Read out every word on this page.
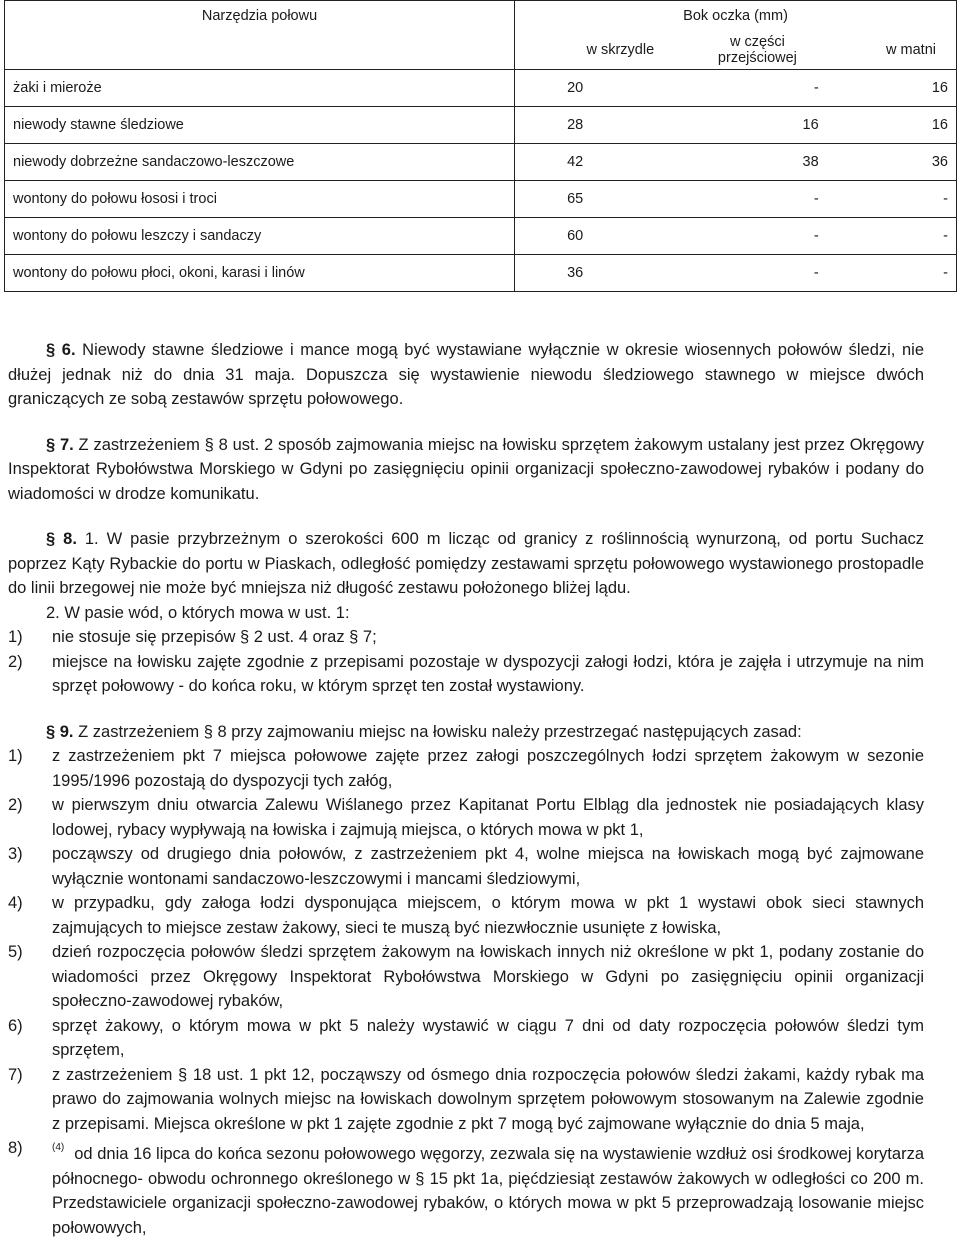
Narzędzia połowu	Bok oczka (mm)		
	w skrzydle	w części przejściowej	w matni
żaki i mieroże	20	-	16
niewody stawne śledziowe	28	16	16
niewody dobrzeżne sandaczowo-leszczowe	42	38	36
wontony do połowu łososi i troci	65	-	-
wontony do połowu leszczy i sandaczy	60	-	-
wontony do połowu płoci, okoni, karasi i linów	36	-	-

§ 6. Niewody stawne śledziowe i mance mogą być wystawiane wyłącznie w okresie wiosennych połowów śledzi, nie dłużej jednak niż do dnia 31 maja. Dopuszcza się wystawienie niewodu śledziowego stawnego w miejsce dwóch graniczących ze sobą zestawów sprzętu połowowego.

§ 7. Z zastrzeżeniem § 8 ust. 2 sposób zajmowania miejsc na łowisku sprzętem żakowym ustalany jest przez Okręgowy Inspektorat Rybołówstwa Morskiego w Gdyni po zasięgnięciu opinii organizacji społeczno-zawodowej rybaków i podany do wiadomości w drodze komunikatu.

§ 8. 1. W pasie przybrzeżnym o szerokości 600 m licząc od granicy z roślinnością wynurzoną, od portu Suchacz poprzez Kąty Rybackie do portu w Piaskach, odległość pomiędzy zestawami sprzętu połowowego wystawionego prostopadle do linii brzegowej nie może być mniejsza niż długość zestawu położonego bliżej lądu.

2. W pasie wód, o których mowa w ust. 1:

1)	nie stosuje się przepisów § 2 ust. 4 oraz § 7;
2)	miejsce na łowisku zajęte zgodnie z przepisami pozostaje w dyspozycji załogi łodzi, która je zajęła i utrzymuje na nim sprzęt połowowy - do końca roku, w którym sprzęt ten został wystawiony.

§ 9. Z zastrzeżeniem § 8 przy zajmowaniu miejsc na łowisku należy przestrzegać następujących zasad:

1)	z zastrzeżeniem pkt 7 miejsca połowowe zajęte przez załogi poszczególnych łodzi sprzętem żakowym w sezonie 1995/1996 pozostają do dyspozycji tych załóg,
2)	w pierwszym dniu otwarcia Zalewu Wiślanego przez Kapitanat Portu Elbląg dla jednostek nie posiadających klasy lodowej, rybacy wypływają na łowiska i zajmują miejsca, o których mowa w pkt 1,
3)	począwszy od drugiego dnia połowów, z zastrzeżeniem pkt 4, wolne miejsca na łowiskach mogą być zajmowane wyłącznie wontonami sandaczowo-leszczowymi i mancami śledziowymi,
4)	w przypadku, gdy załoga łodzi dysponująca miejscem, o którym mowa w pkt 1 wystawi obok sieci stawnych zajmujących to miejsce zestaw żakowy, sieci te muszą być niezwłocznie usunięte z łowiska,
5)	dzień rozpoczęcia połowów śledzi sprzętem żakowym na łowiskach innych niż określone w pkt 1, podany zostanie do wiadomości przez Okręgowy Inspektorat Rybołówstwa Morskiego w Gdyni po zasięgnięciu opinii organizacji społeczno-zawodowej rybaków,
6)	sprzęt żakowy, o którym mowa w pkt 5 należy wystawić w ciągu 7 dni od daty rozpoczęcia połowów śledzi tym sprzętem,
7)	z zastrzeżeniem § 18 ust. 1 pkt 12, począwszy od ósmego dnia rozpoczęcia połowów śledzi żakami, każdy rybak ma prawo do zajmowania wolnych miejsc na łowiskach dowolnym sprzętem połowowym stosowanym na Zalewie zgodnie z przepisami. Miejsca określone w pkt 1 zajęte zgodnie z pkt 7 mogą być zajmowane wyłącznie do dnia 5 maja,
8)	$^{(4)}$ od dnia 16 lipca do końca sezonu połowowego węgorzy, zezwala się na wystawienie wzdłuż osi środkowej korytarza północnego- obwodu ochronnego określonego w § 15 pkt 1a, pięćdziesiąt zestawów żakowych w odległości co 200 m. Przedstawiciele organizacji społeczno-zawodowej rybaków, o których mowa w pkt 5 przeprowadzają losowanie miejsc połowowych,
